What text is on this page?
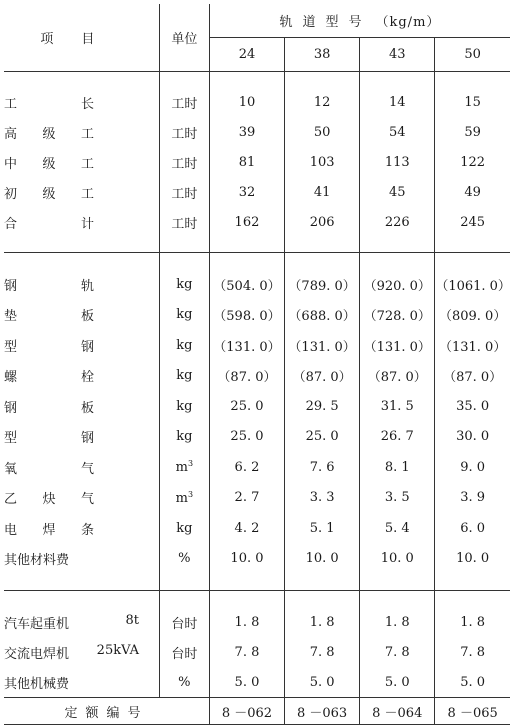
项目	单位	轨道型号 （kg/m）			
		24	38	43	50

工 长	工时	10	12	14	15

高 级 工	工时	39	50	54	59

中 级 工	工时	81	103	113	122

初 级 工	工时	32	41	45	49

合 计	工时	162	206	226	245

钢 轨	kg	（504. 0）	（789. 0）	（920. 0）	（1061. 0）

垫 板	kg	（598. 0）	（688. 0）	（728. 0）	（809. 0）

型 钢	kg	（131. 0）	（131. 0）	（131. 0）	（131. 0）

螺 栓	kg	（87. 0）	（87. 0）	（87. 0）	（87. 0）

钢 板	kg	25. 0	29. 5	31. 5	35. 0

型 钢	kg	25. 0	25. 0	26. 7	30. 0

氧 气	$m^3$	6. 2	7. 6	8. 1	9. 0

乙 炔 气	$m^3$	2. 7	3. 3	3. 5	3. 9

电 焊 条	kg	4. 2	5. 1	5. 4	6. 0
其他材料费	%	10. 0	10. 0	10. 0	10. 0

汽车起重机 8t	台时	1. 8	1. 8	1. 8	1. 8

交流电焊机 25kVA	台时	7. 8	7. 8	7. 8	7. 8

其他机械费	%	5. 0	5. 0	5. 0	5. 0
定额编号		8 －062	8 －063	8 －064	8 －065
